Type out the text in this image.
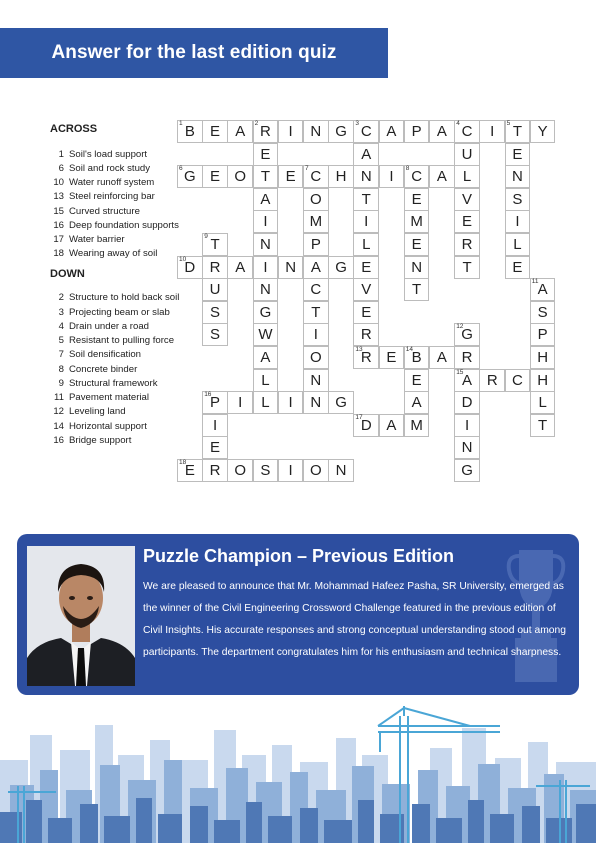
Answer for the last edition quiz
ACROSS
1 Soil's load support
6 Soil and rock study
10 Water runoff system
13 Steel reinforcing bar
15 Curved structure
16 Deep foundation supports
17 Water barrier
18 Wearing away of soil
DOWN
2 Structure to hold back soil
3 Projecting beam or slab
4 Drain under a road
5 Resistant to pulling force
7 Soil densification
8 Concrete binder
9 Structural framework
11 Pavement material
12 Leveling land
14 Horizontal support
16 Bridge support
1 B E A 2 R I N G 3 C A P A 4 C I 5 T Y
6 G E O T E 7 C H N I 8 C A L
10
D R A I N A G E
13
R E 14
B A R
15
A R C H
16
P I L I N G
17
D A M
18
E R O S I O N
E
A
I
N
N
G
W
A
L
A
T
I
L
V
E
R
U
V
E
R
T
E
N
S
I
L
E
O
M
P
C
T
I
O
N
E
M
E
N
T
9 T
U
S
S
11 A
S
P
H
L
T
12
G
D
I
N
G
E
A
I
E
Puzzle Champion – Previous Edition
We are pleased to announce that Mr. Mohammad Hafeez Pasha, SR University, emerged as the winner of the Civil Engineering Crossword Challenge featured in the previous edition of Civil Insights. His accurate responses and strong conceptual understanding stood out among participants. The department congratulates him for his enthusiasm and technical sharpness.
